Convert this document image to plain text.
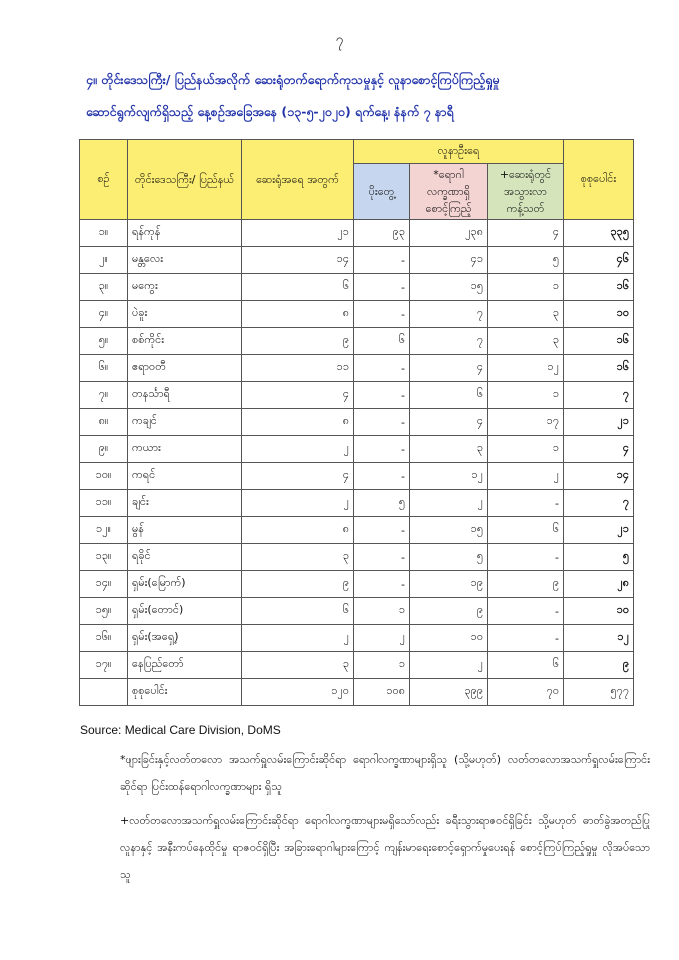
၇
၄။ တိုင်းဒေသကြီး/ ပြည်နယ်အလိုက် ဆေးရုံတက်ရောက်ကုသမှုနှင့် လူနာစောင့်ကြပ်ကြည့်ရှုမှု
ဆောင်ရွက်လျက်ရှိသည့် နေ့စဉ်အခြေအနေ (၁၃-၅-၂၀၂၀) ရက်နေ့၊ နံနက် ၇ နာရီ
စဉ်	တိုင်းဒေသကြီး/ ပြည်နယ်	ဆေးရုံအရေ အတွက်	လူနာဦးရေ			စုစုပေါင်း
			ပိုးတွေ့	*ရောဂါ လက္ခဏာရှိ စောင့်ကြည့်	+ဆေးရုံတွင် အသွားလာ ကန့်သတ်	
၁။	ရန်ကုန်	၂၁	၉၃	၂၃၈	၄	၃၃၅
၂။	မန္တလေး	၁၄	-	၄၁	၅	၄၆
၃။	မကွေး	၆	-	၁၅	၁	၁၆
၄။	ပဲခူး	၈	-	၇	၃	၁၀
၅။	စစ်ကိုင်း	၉	၆	၇	၃	၁၆
၆။	ဧရာဝတီ	၁၁	-	၄	၁၂	၁၆
၇။	တနင်္သာရီ	၄	-	၆	၁	၇
၈။	ကချင်	၈	-	၄	၁၇	၂၁
၉။	ကယား	၂	-	၃	၁	၄
၁၀။	ကရင်	၄	-	၁၂	၂	၁၄
၁၁။	ချင်း	၂	၅	၂	-	၇
၁၂။	မွန်	၈	-	၁၅	၆	၂၁
၁၃။	ရခိုင်	၃	-	၅	-	၅
၁၄။	ရှမ်း(မြောက်)	၉	-	၁၉	၉	၂၈
၁၅။	ရှမ်း(တောင်)	၆	၁	၉	-	၁၀
၁၆။	ရှမ်း(အရှေ့)	၂	၂	၁၀	-	၁၂
၁၇။	နေပြည်တော်	၃	၁	၂	၆	၉
	စုစုပေါင်း	၁၂၀	၁၀၈	၃၉၉	၇၀	၅၇၇
Source: Medical Care Division, DoMS
*ဖျားခြင်းနှင့်လတ်တလော အသက်ရှူလမ်းကြောင်းဆိုင်ရာ ရောဂါလက္ခဏာများရှိသူ (သို့မဟုတ်) လတ်တလောအသက်ရှူလမ်းကြောင်းဆိုင်ရာ ပြင်းထန်ရောဂါလက္ခဏာများ ရှိသူ
+လတ်တလောအသက်ရှူလမ်းကြောင်းဆိုင်ရာ ရောဂါလက္ခဏာများမရှိသော်လည်း ခရီးသွားရာဇဝင်ရှိခြင်း သို့မဟုတ် ဓာတ်ခွဲအတည်ပြုလူနာနှင့် အနီးကပ်နေထိုင်မှု ရာဇဝင်ရှိပြီး အခြားရောဂါများကြောင့် ကျန်းမာရေးစောင့်ရှောက်မှုပေးရန် စောင့်ကြပ်ကြည့်ရှုမှု လိုအပ်သောသူ
